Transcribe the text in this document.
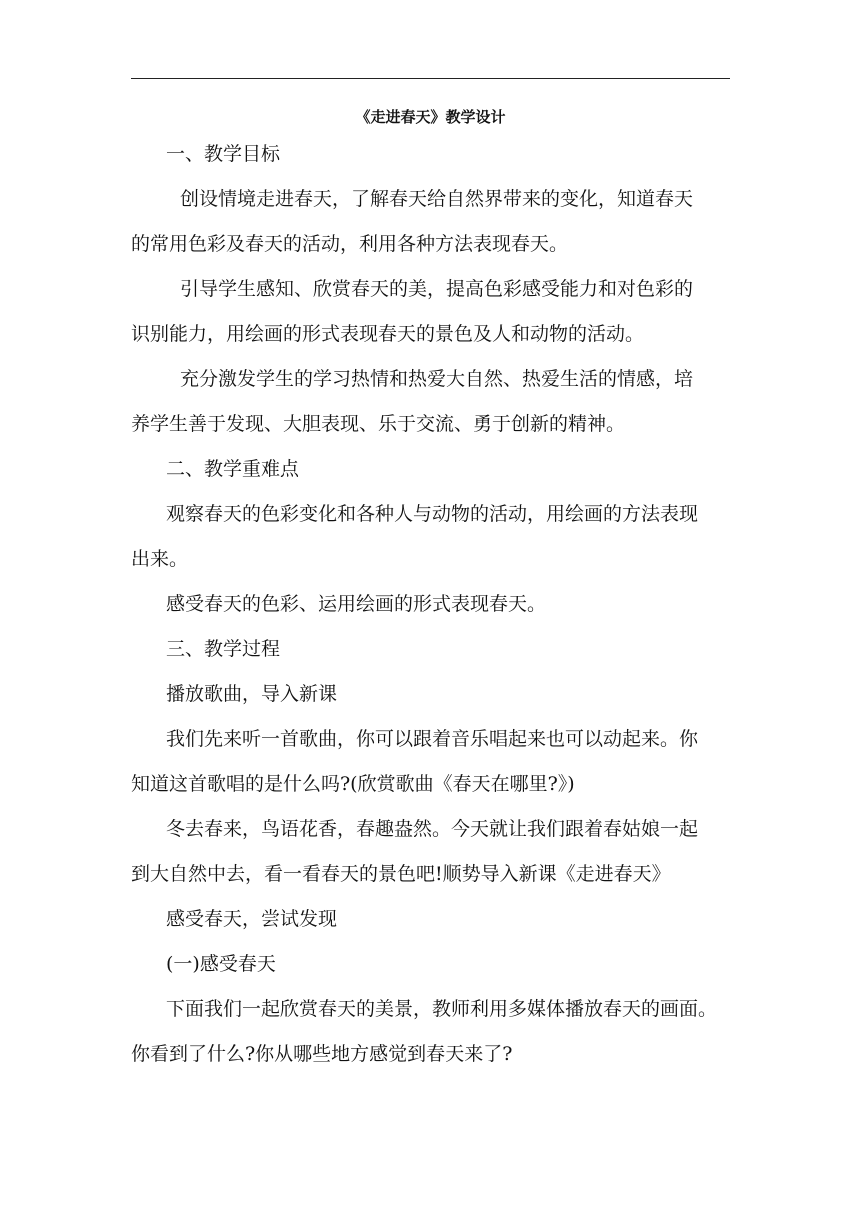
《走进春天》教学设计

一、教学目标

创设情境走进春天，了解春天给自然界带来的变化，知道春天

的常用色彩及春天的活动，利用各种方法表现春天。

引导学生感知、欣赏春天的美，提高色彩感受能力和对色彩的

识别能力，用绘画的形式表现春天的景色及人和动物的活动。

充分激发学生的学习热情和热爱大自然、热爱生活的情感，培

养学生善于发现、大胆表现、乐于交流、勇于创新的精神。

二、教学重难点

观察春天的色彩变化和各种人与动物的活动，用绘画的方法表现

出来。

感受春天的色彩、运用绘画的形式表现春天。

三、教学过程

播放歌曲，导入新课

我们先来听一首歌曲，你可以跟着音乐唱起来也可以动起来。你

知道这首歌唱的是什么吗?(欣赏歌曲《春天在哪里?》)

冬去春来，鸟语花香，春趣盎然。今天就让我们跟着春姑娘一起

到大自然中去，看一看春天的景色吧!顺势导入新课《走进春天》

感受春天，尝试发现

(一)感受春天

下面我们一起欣赏春天的美景，教师利用多媒体播放春天的画面。

你看到了什么?你从哪些地方感觉到春天来了?
